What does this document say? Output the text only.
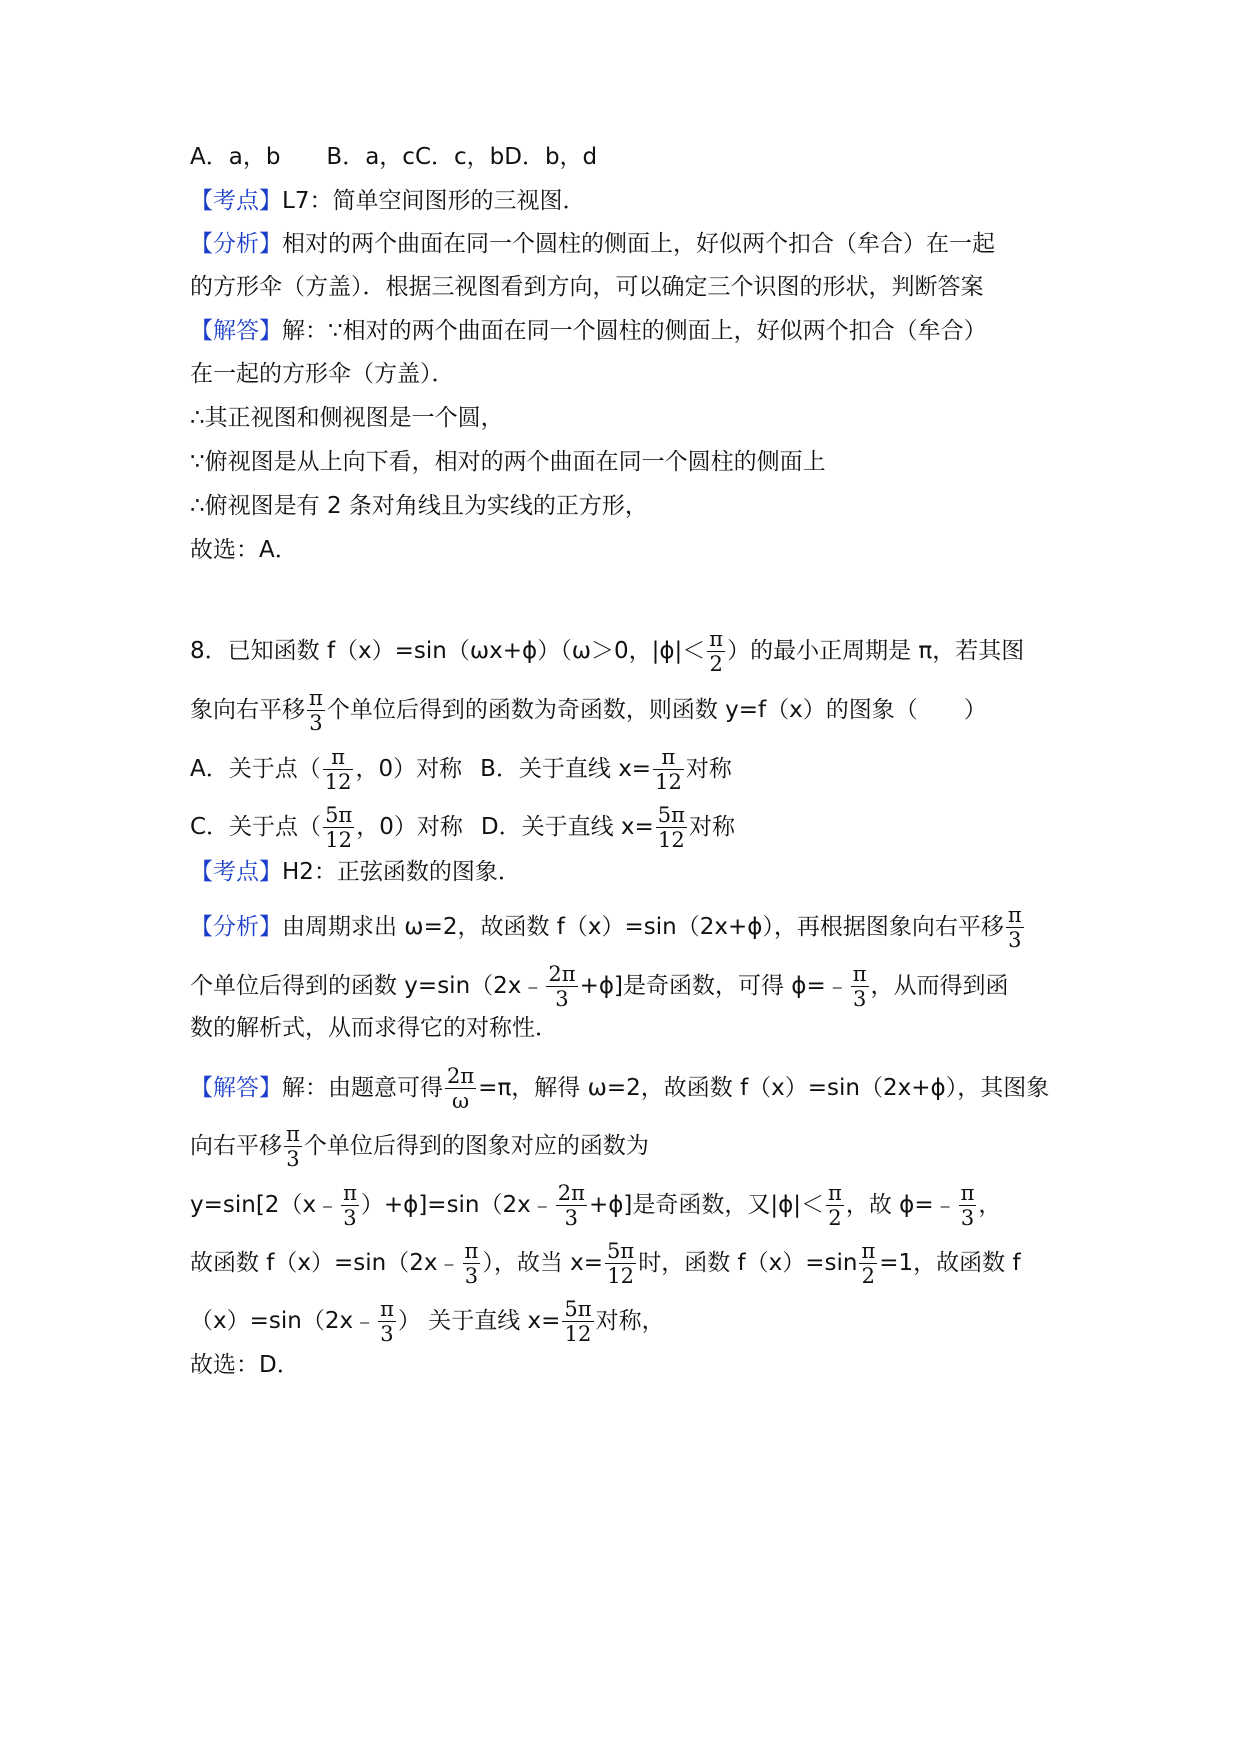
A．a，b　　B．a，cC．c，bD．b，d
【考点】L7：简单空间图形的三视图．
【分析】相对的两个曲面在同一个圆柱的侧面上，好似两个扣合（牟合）在一起
的方形伞（方盖）．根据三视图看到方向，可以确定三个识图的形状，判断答案
【解答】解：∵相对的两个曲面在同一个圆柱的侧面上，好似两个扣合（牟合）
在一起的方形伞（方盖）．
∴其正视图和侧视图是一个圆，
∵俯视图是从上向下看，相对的两个曲面在同一个圆柱的侧面上
∴俯视图是有 2 条对角线且为实线的正方形，
故选：A．
8．已知函数 f（x）=sin（ωx+ϕ）（ω＞0，$|\phi|< \frac{\pi}{2}$ ）的最小正周期是 π，若其图
象向右平移 $\frac{\pi}{3}$ 个单位后得到的函数为奇函数，则函数 y=f（x）的图象（　　）
A．关于点（ $\frac{\pi}{12}$ ，0）对称 B．关于直线 $x= \frac{\pi}{12}$ 对称
C．关于点（ $\frac{5\pi}{12}$ ，0）对称 D．关于直线 $x= \frac{5\pi}{12}$ 对称
【考点】H2：正弦函数的图象．
【分析】由周期求出 ω=2，故函数 f（x）=sin（2x+ϕ），再根据图象向右平移 $\frac{\pi}{3}$
个单位后得到的函数 y=sin（2x﹣ $\frac{2\pi}{3} +\phi$]是奇函数，可得 ϕ=﹣ $\frac{\pi}{3}$ ，从而得到函
数的解析式，从而求得它的对称性．
【解答】解：由题意可得 $\frac{2\pi}{\omega} =\pi$，解得 ω=2，故函数 f（x）=sin（2x+ϕ），其图象
向右平移 $\frac{\pi}{3}$ 个单位后得到的图象对应的函数为
y=sin[2（x﹣ $\frac{\pi}{3}$ ）+ϕ]=sin（2x﹣ $\frac{2\pi}{3} +\phi$]是奇函数，又$|\phi|< \frac{\pi}{2}$ ，故 ϕ=﹣ $\frac{\pi}{3}$ ，
故函数 f（x）=sin（2x﹣ $\frac{\pi}{3}$ ），故当 $x= \frac{5\pi}{12}$ 时，函数 $f(x)=\sin \frac{\pi}{2} =1$，故函数 f
（x）=sin（2x﹣ $\frac{\pi}{3}$ ） 关于直线 $x= \frac{5\pi}{12}$ 对称，
故选：D．
